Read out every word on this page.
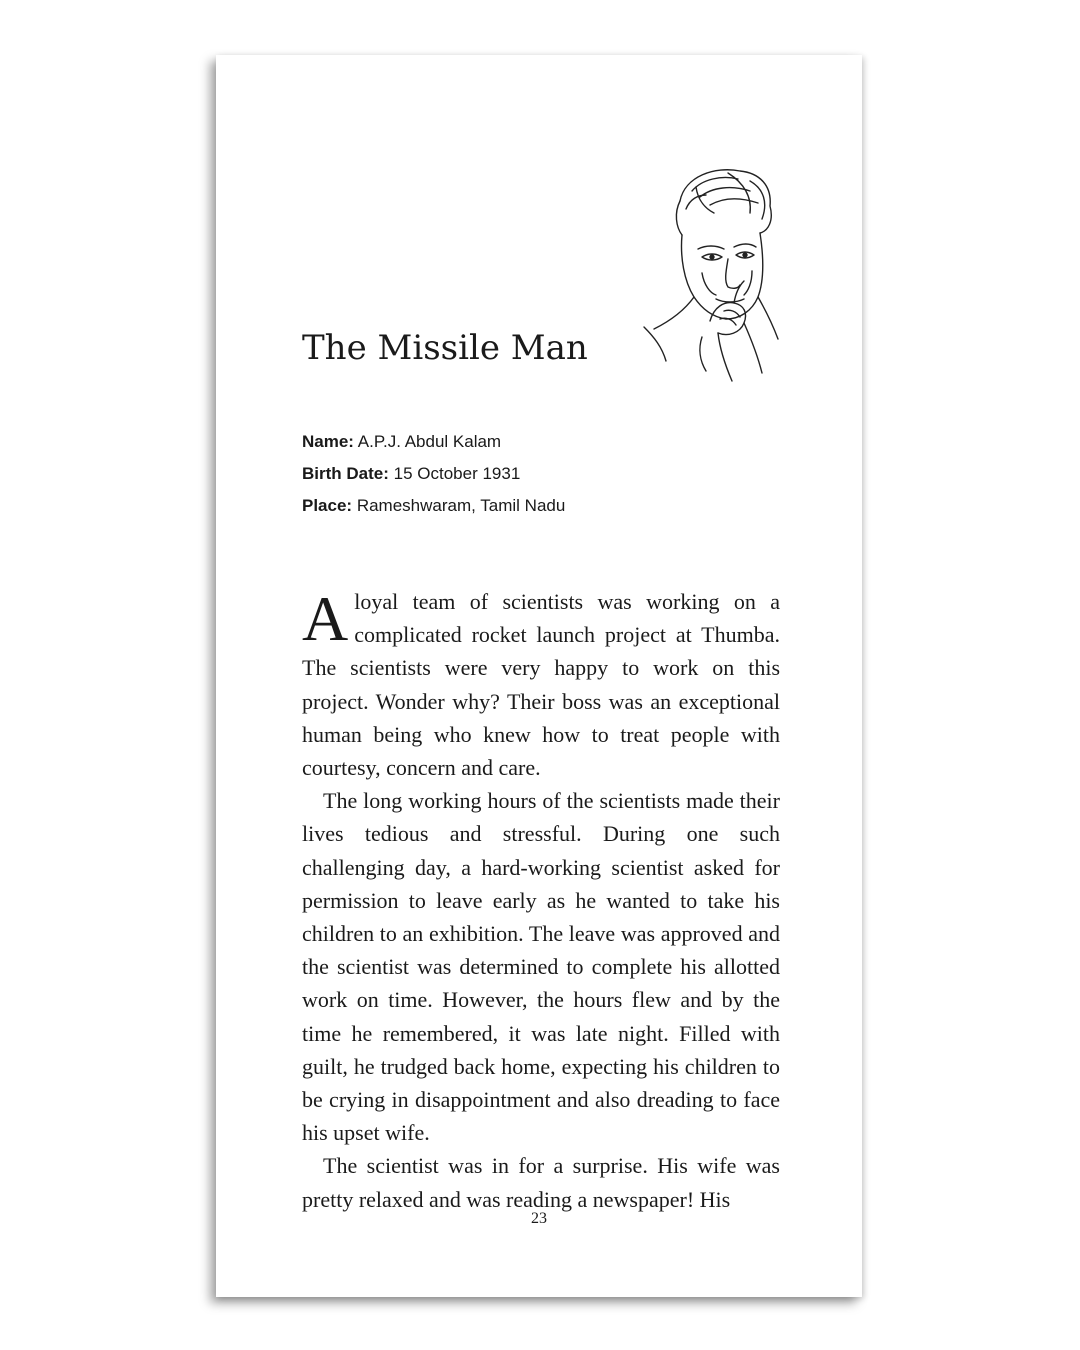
The Missile Man
Name: A.P.J. Abdul Kalam
Birth Date: 15 October 1931
Place: Rameshwaram, Tamil Nadu

Aloyal team of scientists was working on a complicated rocket launch project at Thumba. The scientists were very happy to work on this project. Wonder why? Their boss was an exceptional human being who knew how to treat people with courtesy, concern and care.

The long working hours of the scientists made their lives tedious and stressful. During one such challenging day, a hard-working scientist asked for permission to leave early as he wanted to take his children to an exhibition. The leave was approved and the scientist was determined to complete his allotted work on time. However, the hours flew and by the time he remembered, it was late night. Filled with guilt, he trudged back home, expecting his children to be crying in disappointment and also dreading to face his upset wife.

The scientist was in for a surprise. His wife was pretty relaxed and was reading a newspaper! His

23
